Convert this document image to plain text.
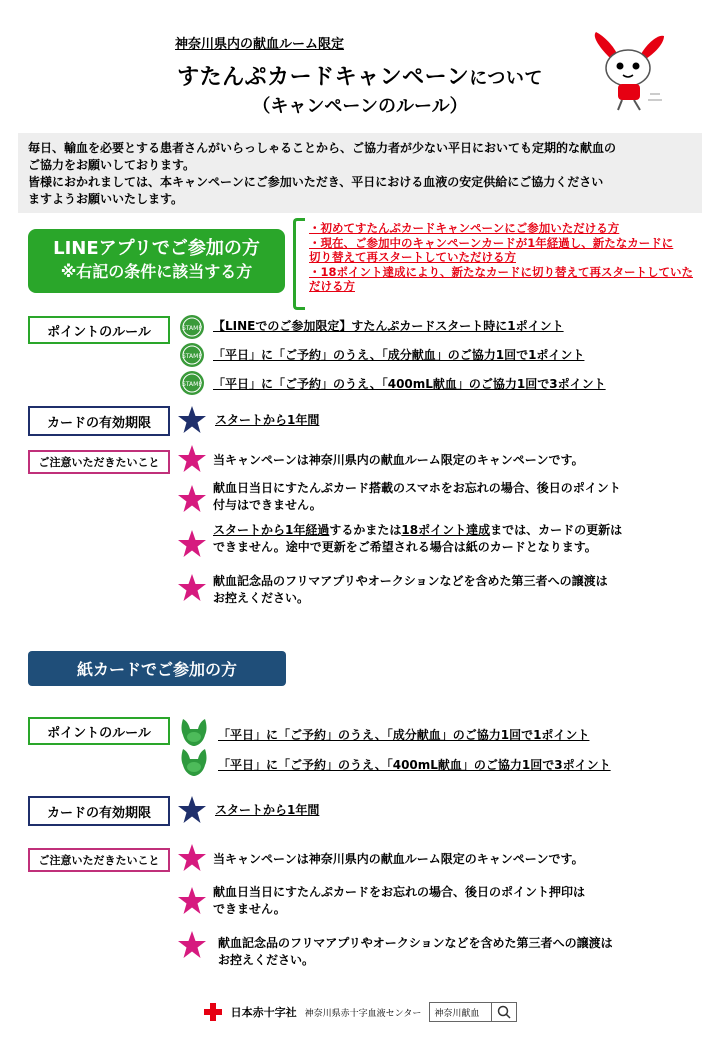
神奈川県内の献血ルーム限定
すたんぷカードキャンペーンについて
（キャンペーンのルール）

毎日、輸血を必要とする患者さんがいらっしゃることから、ご協力者が少ない平日においても定期的な献血の

ご協力をお願いしております。

皆様におかれましては、本キャンペーンにご参加いただき、平日における血液の安定供給にご協力ください

ますようお願いいたします。

LINEアプリでご参加の方
※右記の条件に該当する方
・初めてすたんぷカードキャンペーンにご参加いただける方
・現在、ご参加中のキャンペーンカードが1年経過し、新たなカードに
切り替えて再スタートしていただける方
・18ポイント達成により、新たなカードに切り替えて再スタートしていた
だける方
ポイントのルール	STAMP 【LINEでのご参加限定】すたんぷカードスタート時に1ポイント
STAMP 「平日」に「ご予約」のうえ、「成分献血」のご協力1回で1ポイント
STAMP 「平日」に「ご予約」のうえ、「400mL献血」のご協力1回で3ポイント
カードの有効期限	スタートから1年間
ご注意いただきたいこと	当キャンペーンは神奈川県内の献血ルーム限定のキャンペーンです。
献血日当日にすたんぷカード搭載のスマホをお忘れの場合、後日のポイント
付与はできません。
スタートから1年経過するかまたは18ポイント達成までは、カードの更新は
できません。途中で更新をご希望される場合は紙のカードとなります。
献血記念品のフリマアプリやオークションなどを含めた第三者への譲渡は
お控えください。
紙カードでご参加の方
ポイントのルール	「平日」に「ご予約」のうえ、「成分献血」のご協力1回で1ポイント
「平日」に「ご予約」のうえ、「400mL献血」のご協力1回で3ポイント
カードの有効期限	スタートから1年間
ご注意いただきたいこと	当キャンペーンは神奈川県内の献血ルーム限定のキャンペーンです。
献血日当日にすたんぷカードをお忘れの場合、後日のポイント押印は
できません。
献血記念品のフリマアプリやオークションなどを含めた第三者への譲渡は
お控えください。
日本赤十字社 神奈川県赤十字血液センター	神奈川献血
